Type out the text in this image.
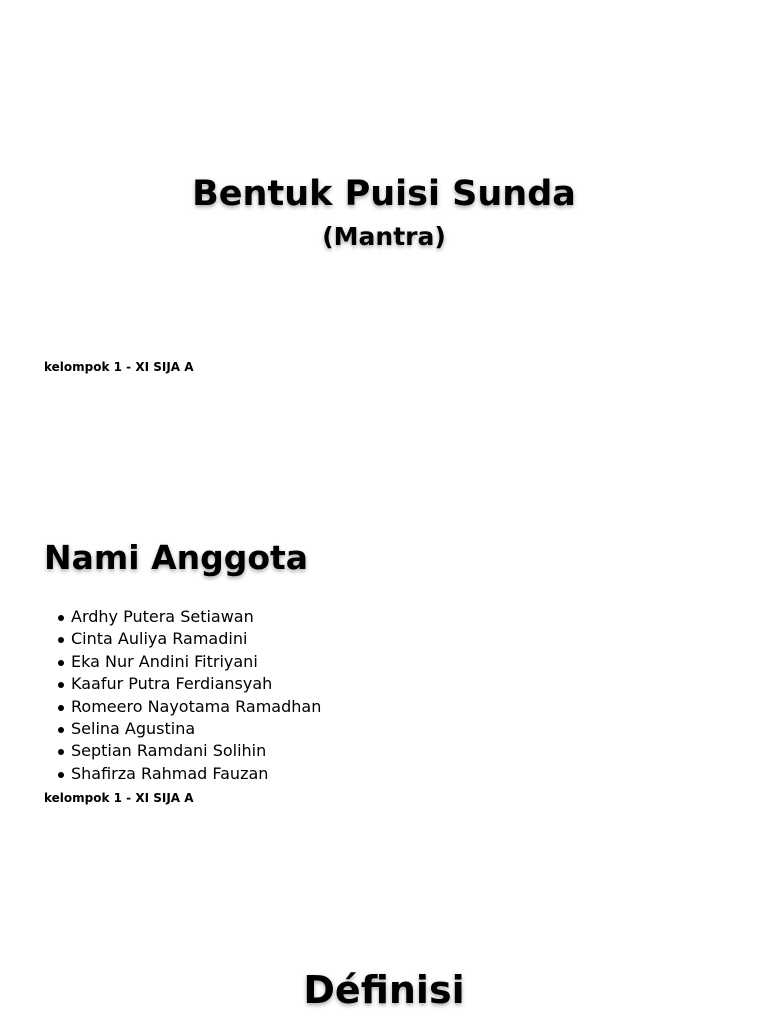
Bentuk Puisi Sunda
(Mantra)
kelompok 1 - XI SIJA A
Nami Anggota
Ardhy Putera Setiawan
Cinta Auliya Ramadini
Eka Nur Andini Fitriyani
Kaafur Putra Ferdiansyah
Romeero Nayotama Ramadhan
Selina Agustina
Septian Ramdani Solihin
Shafirza Rahmad Fauzan
kelompok 1 - XI SIJA A
Définisi
